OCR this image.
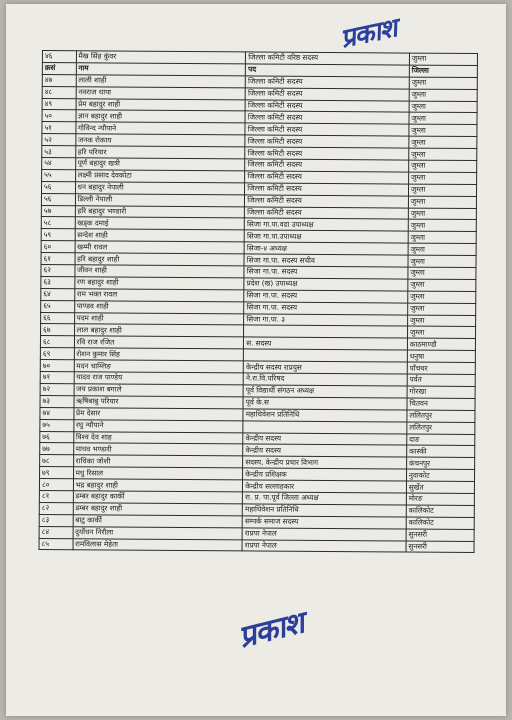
प्रकाश
४६	मैख सिंह कुंवर	जिल्ला कमिटी वरिष्ठ सदस्य	जुम्ला
क्रसं	नाम	पद	जिल्ला
४७	लाली शाही	जिल्ला कमिटी सदस्य	जुम्ला
४८	नवराज थापा	जिल्ला कमिटी सदस्य	जुम्ला
४९	प्रेम बहादुर शाही	जिल्ला कमिटी सदस्य	जुम्ला
५०	ज्ञान बहादुर शाही	जिल्ला कमिटी सदस्य	जुम्ला
५१	गोविन्द न्यौपाने	जिल्ला कमिटी सदस्य	जुम्ला
५२	जनक रोकाय	जिल्ला कमिटी सदस्य	जुम्ला
५३	हरि परियार	जिल्ला कमिटी सदस्य	जुम्ला
५४	पूर्ण बहादुर खत्री	जिल्ला कमिटी सदस्य	जुम्ला
५५	लक्ष्मी प्रसाद देवकोटा	जिल्ला कमिटी सदस्य	जुम्ला
५६	धन बहादुर नेपाली	जिल्ला कमिटी सदस्य	जुम्ला
५६	डिल्ली नेपाली	जिल्ला कमिटी सदस्य	जुम्ला
५७	हरि बहादुर भण्डारी	जिल्ला कमिटी सदस्य	जुम्ला
५८	खड्क दमाई	सिजा गा.पा.वडा उपाध्यक्ष	जुम्ला
५९	सन्देश शाही	सिजा गा.पा.उपाध्यक्ष	जुम्ला
६०	खम्मी रावल	सिजा-४ अध्यक्ष	जुम्ला
६१	हरि बहादुर शाही	सिजा गा.पा. सदस्य सचीव	जुम्ला
६२	जीवन शाही	सिजा गा.पा. सदस्य	जुम्ला
६३	रण बहादुर शाही	प्रदेश (ख) उपाध्यक्ष	जुम्ला
६४	राम भक्त रावल	सिजा गा.पा. सदस्य	जुम्ला
६५	पाण्डव शाही	सिजा गा.पा. सदस्य	जुम्ला
६६	पदम शाही	सिजा गा.पा. ३	जुम्ला
६७	लाल बहादुर शाही		जुम्ला
६८	रवि राज रजित	स. सदस्य	काठमाण्डौ
६९	रोशन कुमार सिंह		धनुषा
७०	मदन चाम्लिङ	केन्द्रीय सदस्य राप्रयुस	पाँचथर
७१	यादव राज पाण्डेय	ने.रा.वि.परिषद	पर्वत
७२	जय प्रकाश बगाले	पूर्व विद्यार्थी संगठन अध्यक्ष	गोरखा
७३	ऋषिबाबु परियार	पूर्व के.स	चितवन
७४	प्रेम देसार	महाधिवेशन प्रतिनिधि	ललितपुर
७५	रघु न्यौपाने		ललितपुर
७६	विश्व देव शाह	केन्द्रीय सदस्य	दाङ
७७	माधव भण्डारी	केन्द्रीय सदस्य	कास्की
७८	राधिका जोशी	सदस्य, केन्द्रीय प्रचार विभाग	कंचनपुर
७९	मधु रिसाल	केन्द्रीय प्रशिक्षक	नुवाकोट
८०	भद्र बहादुर शाही	केन्द्रीय सल्लाहकार	सुर्खेत
८१	डम्बर बहादुर कार्की	रा. प्र. पा.पूर्व जिल्ला अध्यक्ष	मोरङ
८२	डम्बर बहादुर शाही	महाधिवेशन प्रतिनिधि	कालिकोट
८३	बाटु कार्की	सम्पर्क समाज सदस्य	कालिकोट
८४	दुर्योधन निरौला	राप्रपा नेपाल	सुनसरी
८५	रामविलास मेहेता	राप्रपा नेपाल	सुनसरी
प्रकाश
